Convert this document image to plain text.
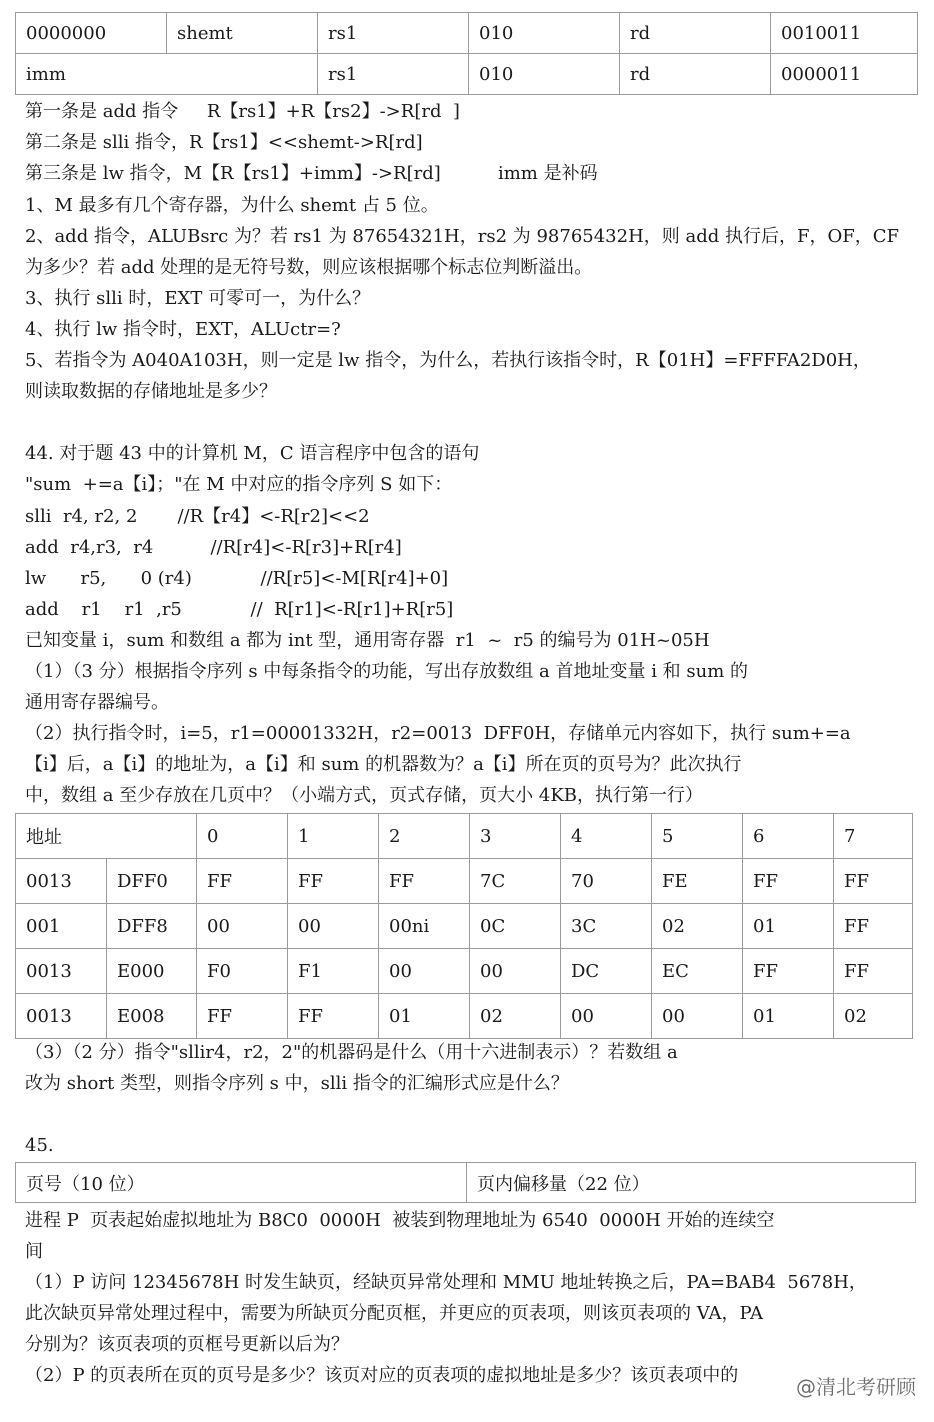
0000000	shemt	rs1	010	rd	0010011
imm		rs1	010	rd	0000011
第一条是 add 指令     R【rs1】+R【rs2】->R[rd  ]
第二条是 slli 指令，R【rs1】<<shemt->R[rd]
第三条是 lw 指令，M【R【rs1】+imm】->R[rd]          imm 是补码
1、M 最多有几个寄存器，为什么 shemt 占 5 位。
2、add 指令，ALUBsrc 为？若 rs1 为 87654321H，rs2 为 98765432H，则 add 执行后，F，OF，CF
为多少？若 add 处理的是无符号数，则应该根据哪个标志位判断溢出。
3、执行 slli 时，EXT 可零可一，为什么？
4、执行 lw 指令时，EXT，ALUctr=?
5、若指令为 A040A103H，则一定是 lw 指令，为什么，若执行该指令时，R【01H】=FFFFA2D0H，
则读取数据的存储地址是多少？
44. 对于题 43 中的计算机 M，C 语言程序中包含的语句
"sum  +=a【i】；"在 M 中对应的指令序列 S 如下：
slli  r4, r2, 2       //R【r4】<-R[r2]<<2
add  r4,r3,  r4          //R[r4]<-R[r3]+R[r4]
lw      r5,      0 (r4)            //R[r5]<-M[R[r4]+0]
add    r1    r1  ,r5            //  R[r1]<-R[r1]+R[r5]
已知变量 i，sum 和数组 a 都为 int 型，通用寄存器  r1  ~  r5 的编号为 01H~05H
（1）（3 分）根据指令序列 s 中每条指令的功能，写出存放数组 a 首地址变量 i 和 sum 的
通用寄存器编号。
（2）执行指令时，i=5，r1=00001332H，r2=0013  DFF0H，存储单元内容如下，执行 sum+=a
【i】后，a【i】的地址为，a【i】和 sum 的机器数为？a【i】所在页的页号为？此次执行
中，数组 a 至少存放在几页中？（小端方式，页式存储，页大小 4KB，执行第一行）
地址		0	1	2	3	4	5	6	7
0013	DFF0	FF	FF	FF	7C	70	FE	FF	FF
001	DFF8	00	00	00ni	0C	3C	02	01	FF
0013	E000	F0	F1	00	00	DC	EC	FF	FF
0013	E008	FF	FF	01	02	00	00	01	02
（3）（2 分）指令"sllir4，r2，2"的机器码是什么（用十六进制表示）？若数组 a
改为 short 类型，则指令序列 s 中，slli 指令的汇编形式应是什么？
45.
页号（10 位）	页内偏移量（22 位）
进程 P  页表起始虚拟地址为 B8C0  0000H  被装到物理地址为 6540  0000H 开始的连续空
间
（1）P 访问 12345678H 时发生缺页，经缺页异常处理和 MMU 地址转换之后，PA=BAB4  5678H，
此次缺页异常处理过程中，需要为所缺页分配页框，并更应的页表项，则该页表项的 VA，PA
分别为？该页表项的页框号更新以后为？
（2）P 的页表所在页的页号是多少？该页对应的页表项的虚拟地址是多少？该页表项中的	@清北考研顾
